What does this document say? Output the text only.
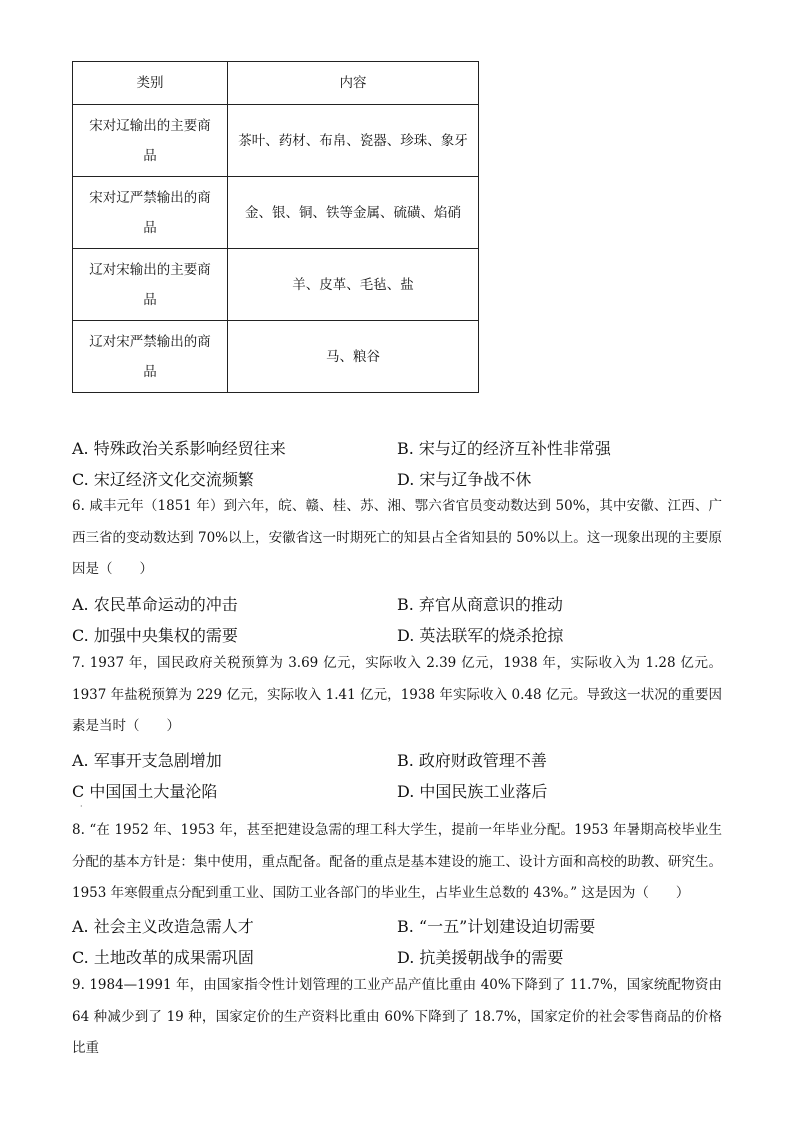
类别	内容
宋对辽输出的主要商品	茶叶、药材、布帛、瓷器、珍珠、象牙
宋对辽严禁输出的商品	金、银、铜、铁等金属、硫磺、焰硝
辽对宋输出的主要商品	羊、皮革、毛毡、盐
辽对宋严禁输出的商品	马、粮谷
A. 特殊政治关系影响经贸往来	B. 宋与辽的经济互补性非常强
C. 宋辽经济文化交流频繁	D. 宋与辽争战不休
6. 咸丰元年（1851 年）到六年，皖、赣、桂、苏、湘、鄂六省官员变动数达到 50%，其中安徽、江西、广西三省的变动数达到 70%以上，安徽省这一时期死亡的知县占全省知县的 50%以上。这一现象出现的主要原因是（　　）
A. 农民革命运动的冲击	B. 弃官从商意识的推动
C. 加强中央集权的需要	D. 英法联军的烧杀抢掠
7. 1937 年，国民政府关税预算为 3.69 亿元，实际收入 2.39 亿元，1938 年，实际收入为 1.28 亿元。1937 年盐税预算为 229 亿元，实际收入 1.41 亿元，1938 年实际收入 0.48 亿元。导致这一状况的重要因素是当时（　　）
A. 军事开支急剧增加	B. 政府财政管理不善
C 中国国土大量沦陷	D. 中国民族工业落后
·
8. “在 1952 年、1953 年，甚至把建设急需的理工科大学生，提前一年毕业分配。1953 年暑期高校毕业生分配的基本方针是：集中使用，重点配备。配备的重点是基本建设的施工、设计方面和高校的助教、研究生。1953 年寒假重点分配到重工业、国防工业各部门的毕业生，占毕业生总数的 43%。” 这是因为（　　）
A. 社会主义改造急需人才	B. “一五”计划建设迫切需要
C. 土地改革的成果需巩固	D. 抗美援朝战争的需要
9. 1984—1991 年，由国家指令性计划管理的工业产品产值比重由 40%下降到了 11.7%，国家统配物资由 64 种减少到了 19 种，国家定价的生产资料比重由 60%下降到了 18.7%，国家定价的社会零售商品的价格比重
